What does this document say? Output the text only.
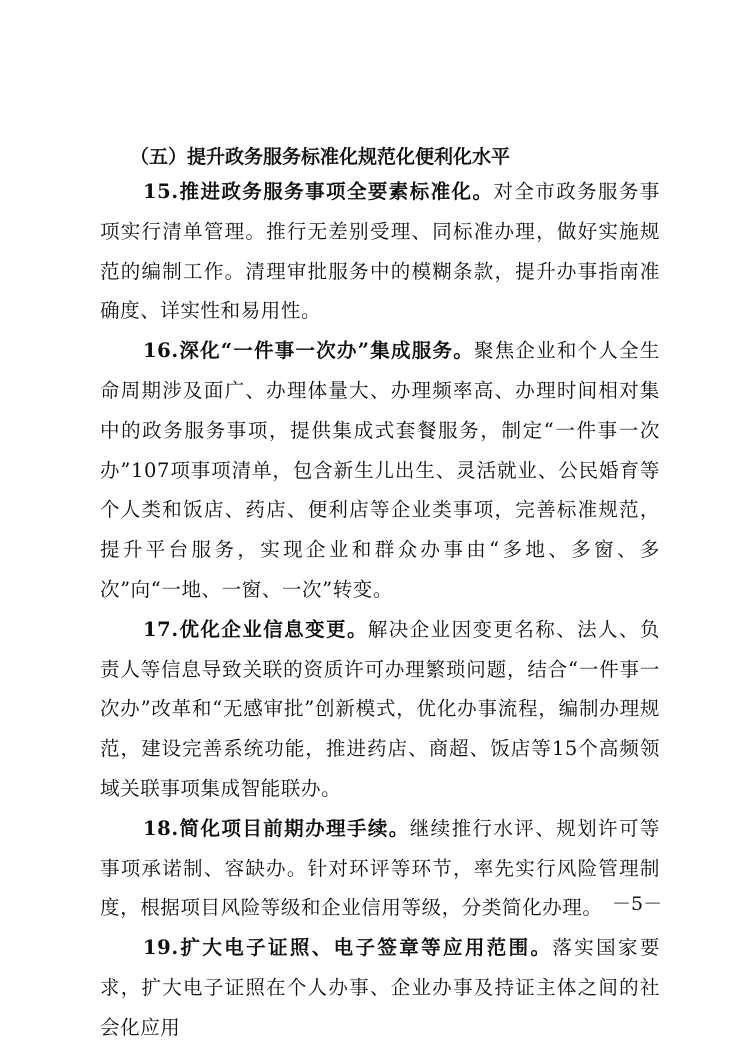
（五）提升政务服务标准化规范化便利化水平

15.推进政务服务事项全要素标准化。对全市政务服务事项实行清单管理。推行无差别受理、同标准办理，做好实施规范的编制工作。清理审批服务中的模糊条款，提升办事指南准确度、详实性和易用性。

16.深化“一件事一次办”集成服务。聚焦企业和个人全生命周期涉及面广、办理体量大、办理频率高、办理时间相对集中的政务服务事项，提供集成式套餐服务，制定“一件事一次办”107项事项清单，包含新生儿出生、灵活就业、公民婚育等个人类和饭店、药店、便利店等企业类事项，完善标准规范，提升平台服务，实现企业和群众办事由“多地、多窗、多次”向“一地、一窗、一次”转变。

17.优化企业信息变更。解决企业因变更名称、法人、负责人等信息导致关联的资质许可办理繁琐问题，结合“一件事一次办”改革和“无感审批”创新模式，优化办事流程，编制办理规范，建设完善系统功能，推进药店、商超、饭店等15个高频领域关联事项集成智能联办。

18.简化项目前期办理手续。继续推行水评、规划许可等事项承诺制、容缺办。针对环评等环节，率先实行风险管理制度，根据项目风险等级和企业信用等级，分类简化办理。

19.扩大电子证照、电子签章等应用范围。落实国家要求，扩大电子证照在个人办事、企业办事及持证主体之间的社会化应用

－5－
